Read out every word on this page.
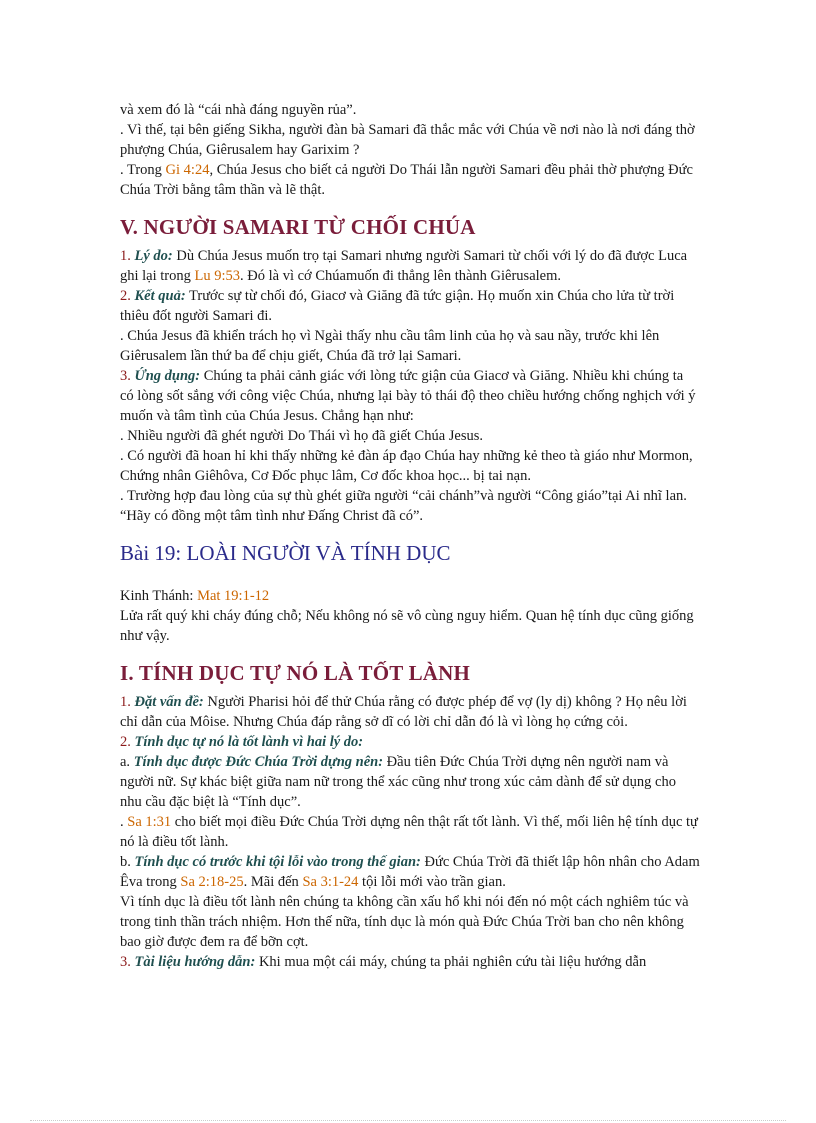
và xem đó là “cái nhà đáng nguyền rủa”.

. Vì thế, tại bên giếng Sikha, người đàn bà Samari đã thắc mắc với Chúa về nơi nào là nơi đáng thờ phượng Chúa, Giêrusalem hay Garixim ?

. Trong Gi 4:24, Chúa Jesus cho biết cả người Do Thái lẫn người Samari đều phải thờ phượng Đức Chúa Trời bằng tâm thần và lẽ thật.

V. NGƯỜI SAMARI TỪ CHỐI CHÚA

1. Lý do: Dù Chúa Jesus muốn trọ tại Samari nhưng người Samari từ chối với lý do đã được Luca ghi lại trong Lu 9:53. Đó là vì cớ Chúamuốn đi thẳng lên thành Giêrusalem.

2. Kết quả: Trước sự từ chối đó, Giacơ và Giăng đã tức giận. Họ muốn xin Chúa cho lửa từ trời thiêu đốt người Samari đi.

. Chúa Jesus đã khiển trách họ vì Ngài thấy nhu cầu tâm linh của họ và sau nầy, trước khi lên Giêrusalem lần thứ ba để chịu giết, Chúa đã trở lại Samari.

3. Ứng dụng: Chúng ta phải cảnh giác với lòng tức giận của Giacơ và Giăng. Nhiều khi chúng ta có lòng sốt sắng với công việc Chúa, nhưng lại bày tỏ thái độ theo chiều hướng chống nghịch với ý muốn và tâm tình của Chúa Jesus. Chẳng hạn như:

. Nhiều người đã ghét người Do Thái vì họ đã giết Chúa Jesus.

. Có người đã hoan hỉ khi thấy những kẻ đàn áp đạo Chúa hay những kẻ theo tà giáo như Mormon, Chứng nhân Giêhôva, Cơ Đốc phục lâm, Cơ đốc khoa học... bị tai nạn.

. Trường hợp đau lòng của sự thù ghét giữa người “cải chánh”và người “Công giáo”tại Ai nhĩ lan.

“Hãy có đồng một tâm tình như Đấng Christ đã có”.

Bài 19: LOÀI NGƯỜI VÀ TÍNH DỤC

Kinh Thánh: Mat 19:1-12

Lửa rất quý khi cháy đúng chỗ; Nếu không nó sẽ vô cùng nguy hiểm. Quan hệ tính dục cũng giống như vậy.

I. TÍNH DỤC TỰ NÓ LÀ TỐT LÀNH

1. Đặt vấn đề: Người Pharisi hỏi để thử Chúa rằng có được phép để vợ (ly dị) không ? Họ nêu lời chỉ dẫn của Môise. Nhưng Chúa đáp rằng sở dĩ có lời chỉ dẫn đó là vì lòng họ cứng cỏi.

2. Tính dục tự nó là tốt lành vì hai lý do:

a. Tính dục được Đức Chúa Trời dựng nên: Đầu tiên Đức Chúa Trời dựng nên người nam và người nữ. Sự khác biệt giữa nam nữ trong thể xác cũng như trong xúc cảm dành để sử dụng cho nhu cầu đặc biệt là “Tính dục”.

. Sa 1:31 cho biết mọi điều Đức Chúa Trời dựng nên thật rất tốt lành. Vì thế, mối liên hệ tính dục tự nó là điều tốt lành.

b. Tính dục có trước khi tội lỗi vào trong thế gian: Đức Chúa Trời đã thiết lập hôn nhân cho Adam Êva trong Sa 2:18-25. Mãi đến Sa 3:1-24 tội lỗi mới vào trần gian.

Vì tính dục là điều tốt lành nên chúng ta không cần xấu hổ khi nói đến nó một cách nghiêm túc và trong tinh thần trách nhiệm. Hơn thế nữa, tính dục là món quà Đức Chúa Trời ban cho nên không bao giờ được đem ra để bỡn cợt.

3. Tài liệu hướng dẫn: Khi mua một cái máy, chúng ta phải nghiên cứu tài liệu hướng dẫn
